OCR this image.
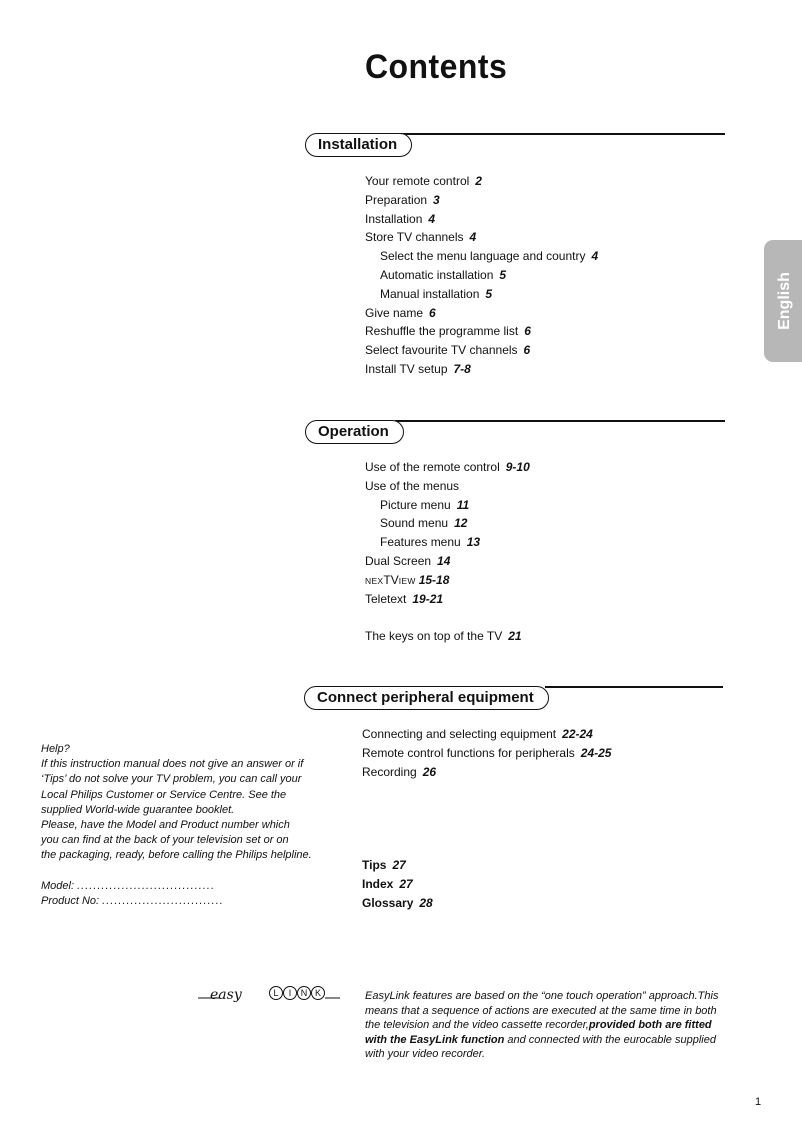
Contents
English
Installation
Your remote control 2
Preparation 3
Installation 4
Store TV channels 4
Select the menu language and country 4
Automatic installation 5
Manual installation 5
Give name 6
Reshuffle the programme list 6
Select favourite TV channels 6
Install TV setup 7-8
Operation
Use of the remote control 9-10
Use of the menus
Picture menu 11
Sound menu 12
Features menu 13
Dual Screen 14
NEXTVIEW 15-18
Teletext 19-21
The keys on top of the TV 21
Connect peripheral equipment
Connecting and selecting equipment 22-24
Remote control functions for peripherals 24-25
Recording 26
Tips 27
Index 27
Glossary 28
Help?
If this instruction manual does not give an answer or if
‘Tips’ do not solve your TV problem, you can call your
Local Philips Customer or Service Centre. See the
supplied World-wide guarantee booklet.
Please, have the Model and Product number which
you can find at the back of your television set or on
the packaging, ready, before calling the Philips helpline.
Model: ..................................
Product No: ..............................
easy	L I N K	EasyLink features are based on the “one touch operation” approach.This means that a sequence of actions are executed at the same time in both the television and the video cassette recorder,provided both are fitted with the EasyLink function and connected with the eurocable supplied with your video recorder.
1
